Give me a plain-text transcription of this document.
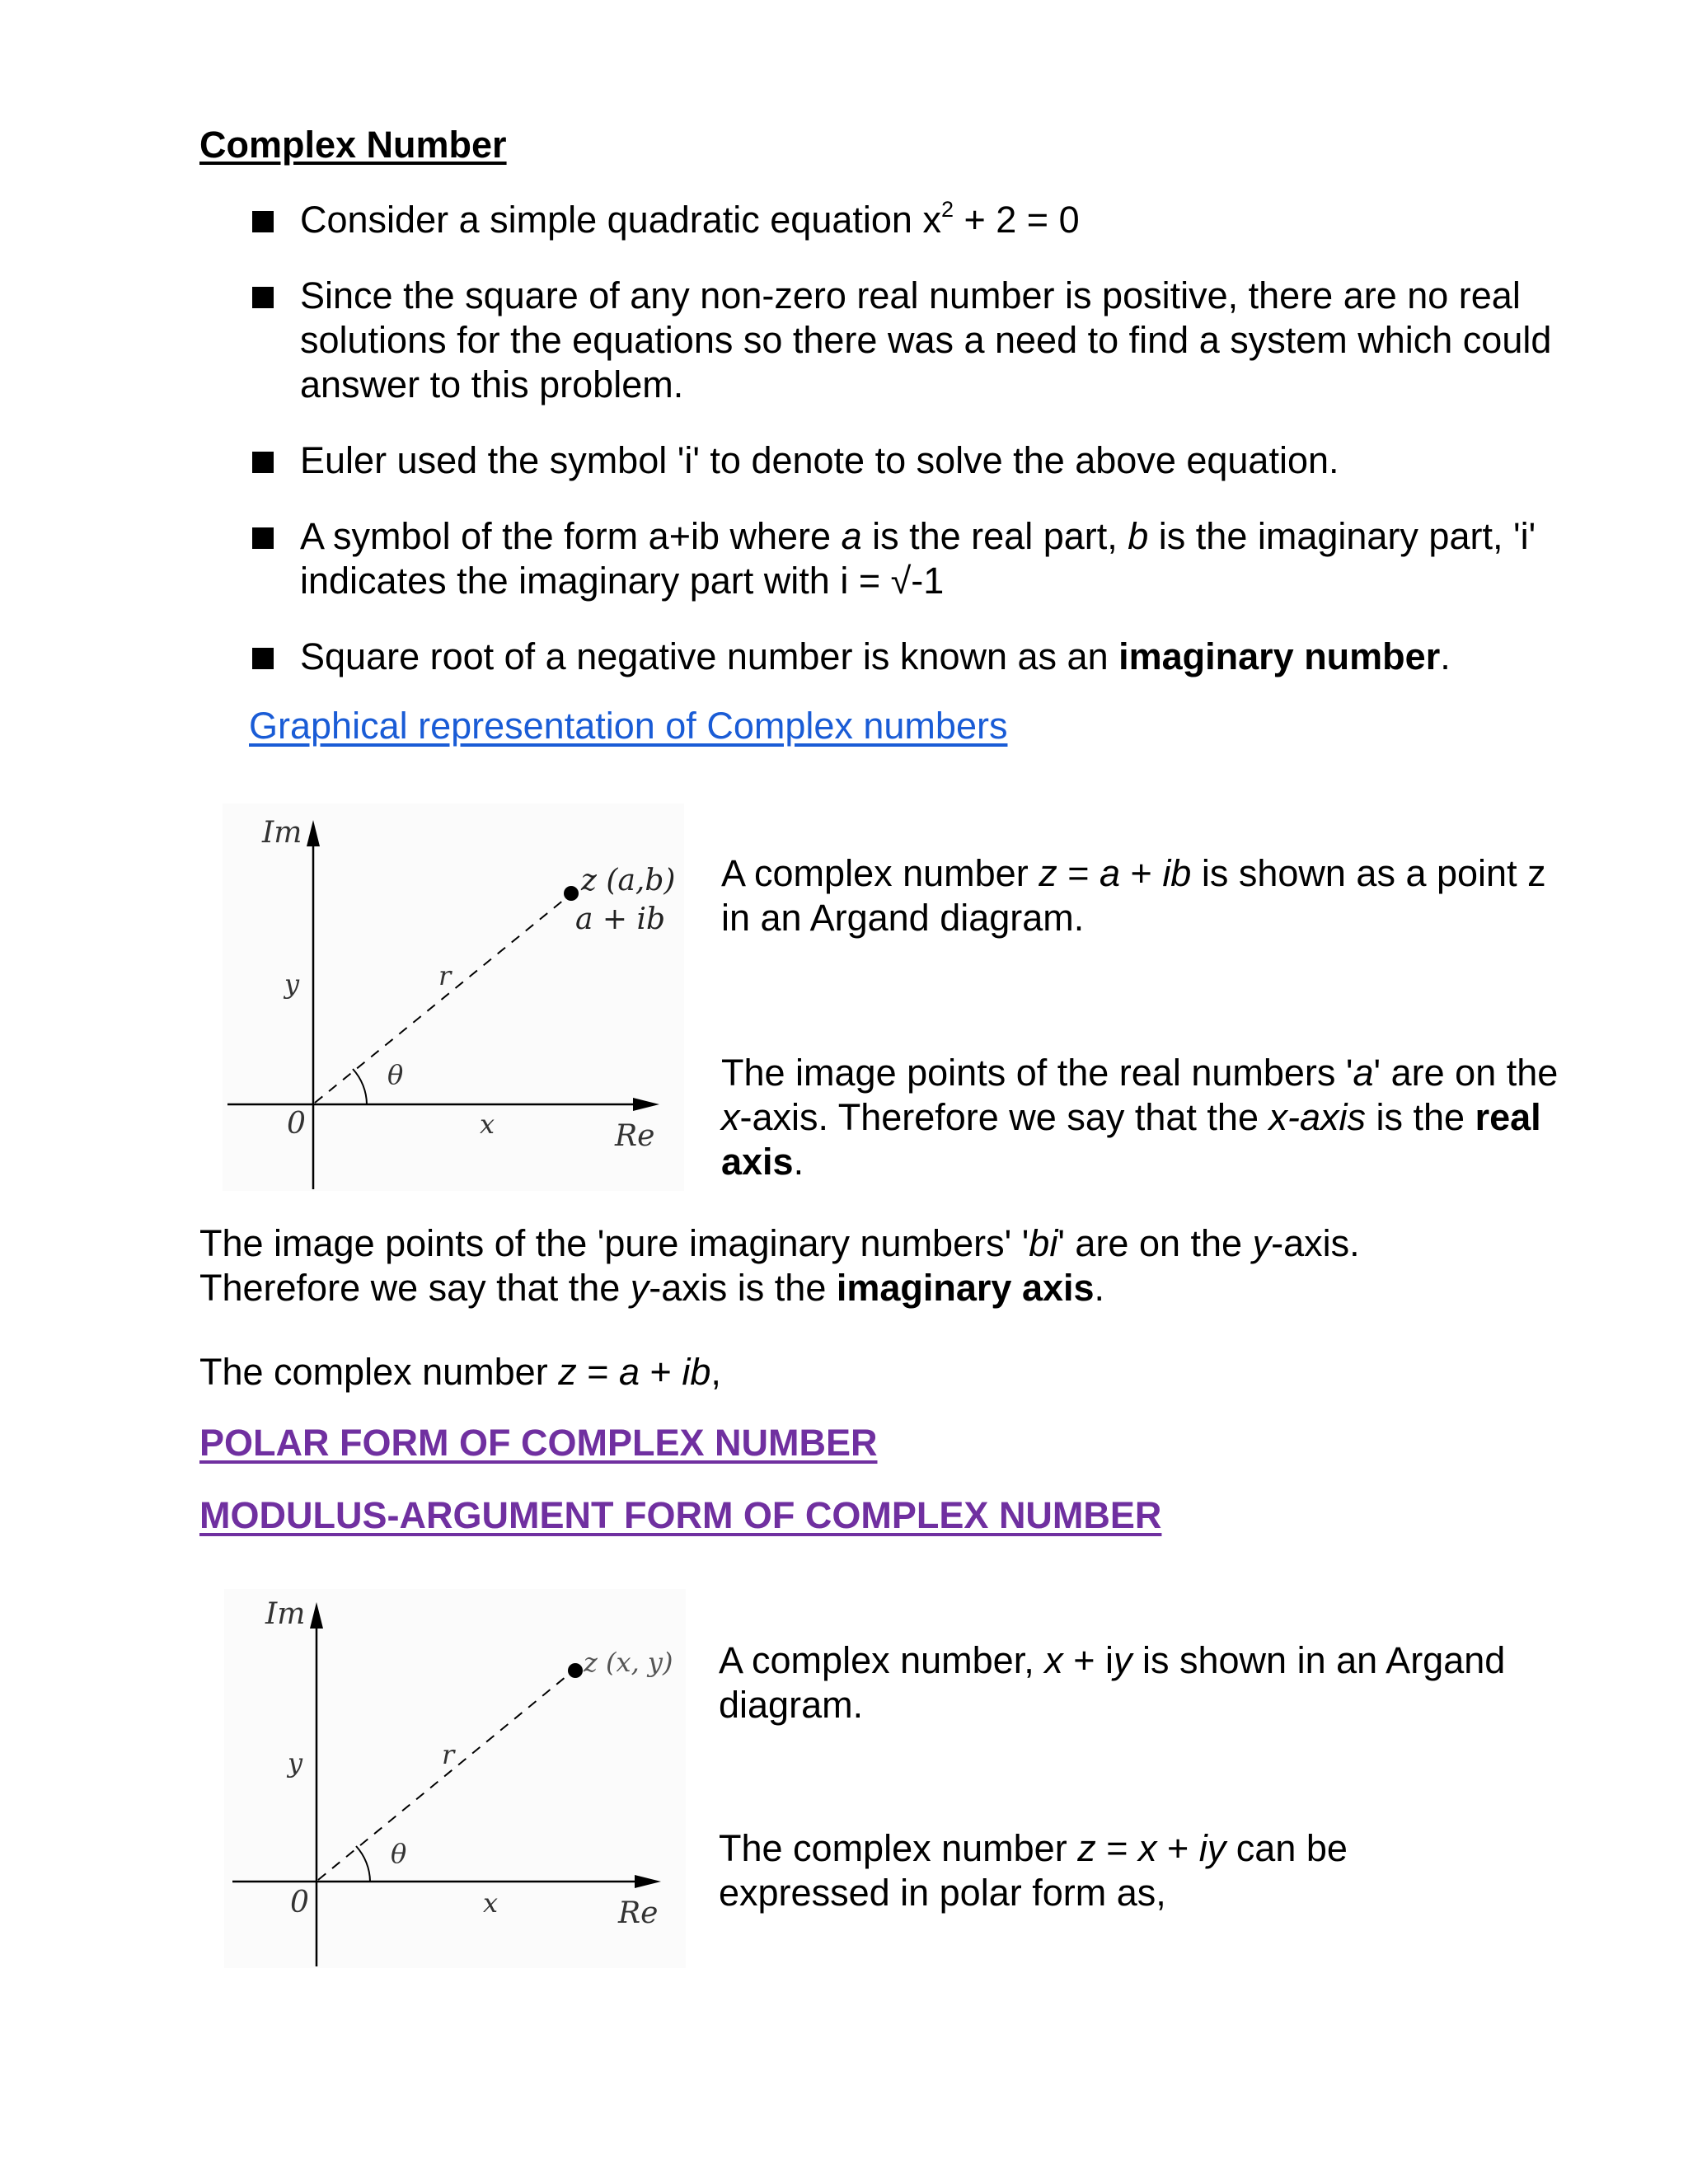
Complex Number
Consider a simple quadratic equation $x^2 + 2 = 0$
Since the square of any non-zero real number is positive, there are no real solutions for the equations so there was a need to find a system which could answer to this problem.
Euler used the symbol 'i' to denote to solve the above equation.
A symbol of the form a+ib where a is the real part, b is the imaginary part, 'i' indicates the imaginary part with i = √-1
Square root of a negative number is known as an imaginary number.
Graphical representation of Complex numbers
Im
Re
0
y
x
r
θ
z (a,b)
a + ib

A complex number z = a + ib is shown as a point z in an Argand diagram.

The image points of the real numbers 'a' are on the x-axis. Therefore we say that the x-axis is the real axis.

The image points of the 'pure imaginary numbers' 'bi' are on the y-axis.
Therefore we say that the y-axis is the imaginary axis.

The complex number z = a + ib,

POLAR FORM OF COMPLEX NUMBER
MODULUS-ARGUMENT FORM OF COMPLEX NUMBER
Im
Re
0
y
x
r
θ
z (x, y) A complex number, x + iy is shown in an Argand diagram.

The complex number z = x + iy can be expressed in polar form as,
